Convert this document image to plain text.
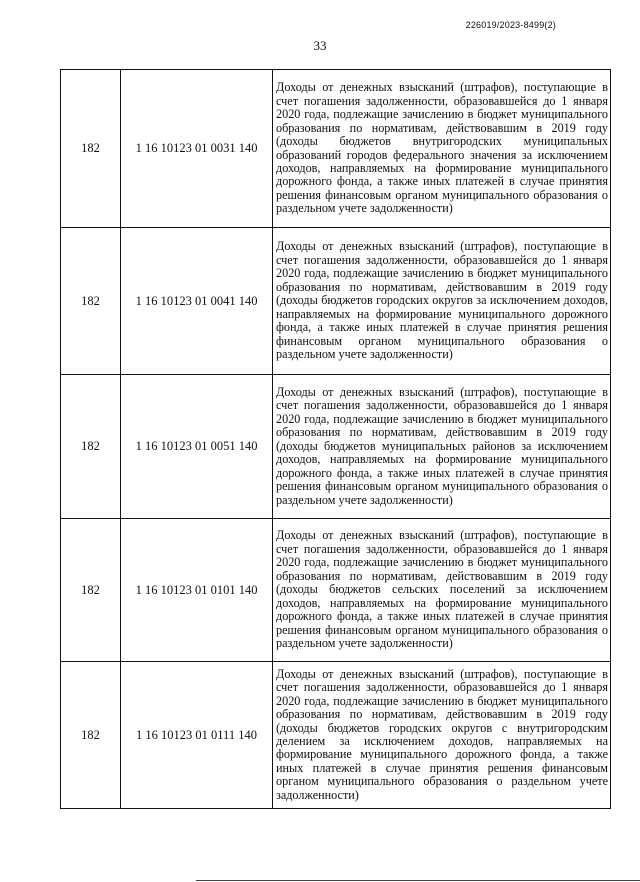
226019/2023-8499(2)
33
182	1 16 10123 01 0031 140	Доходы от денежных взысканий (штрафов), поступающие в счет погашения задолженности, образовавшейся до 1 января 2020 года, подлежащие зачислению в бюджет муниципального образования по нормативам, действовавшим в 2019 году (доходы бюджетов внутригородских муниципальных образований городов федерального значения за исключением доходов, направляемых на формирование муниципального дорожного фонда, а также иных платежей в случае принятия решения финансовым органом муниципального образования о раздельном учете задолженности)

182	1 16 10123 01 0041 140	Доходы от денежных взысканий (штрафов), поступающие в счет погашения задолженности, образовавшейся до 1 января 2020 года, подлежащие зачислению в бюджет муниципального образования по нормативам, действовавшим в 2019 году (доходы бюджетов городских округов за исключением доходов, направляемых на формирование муниципального дорожного фонда, а также иных платежей в случае принятия решения финансовым органом муниципального образования о раздельном учете задолженности)

182	1 16 10123 01 0051 140	Доходы от денежных взысканий (штрафов), поступающие в счет погашения задолженности, образовавшейся до 1 января 2020 года, подлежащие зачислению в бюджет муниципального образования по нормативам, действовавшим в 2019 году (доходы бюджетов муниципальных районов за исключением доходов, направляемых на формирование муниципального дорожного фонда, а также иных платежей в случае принятия решения финансовым органом муниципального образования о раздельном учете задолженности)

182	1 16 10123 01 0101 140	Доходы от денежных взысканий (штрафов), поступающие в счет погашения задолженности, образовавшейся до 1 января 2020 года, подлежащие зачислению в бюджет муниципального образования по нормативам, действовавшим в 2019 году (доходы бюджетов сельских поселений за исключением доходов, направляемых на формирование муниципального дорожного фонда, а также иных платежей в случае принятия решения финансовым органом муниципального образования о раздельном учете задолженности)

182	1 16 10123 01 0111 140	Доходы от денежных взысканий (штрафов), поступающие в счет погашения задолженности, образовавшейся до 1 января 2020 года, подлежащие зачислению в бюджет муниципального образования по нормативам, действовавшим в 2019 году (доходы бюджетов городских округов с внутригородским делением за исключением доходов, направляемых на формирование муниципального дорожного фонда, а также иных платежей в случае принятия решения финансовым органом муниципального образования о раздельном учете задолженности)
